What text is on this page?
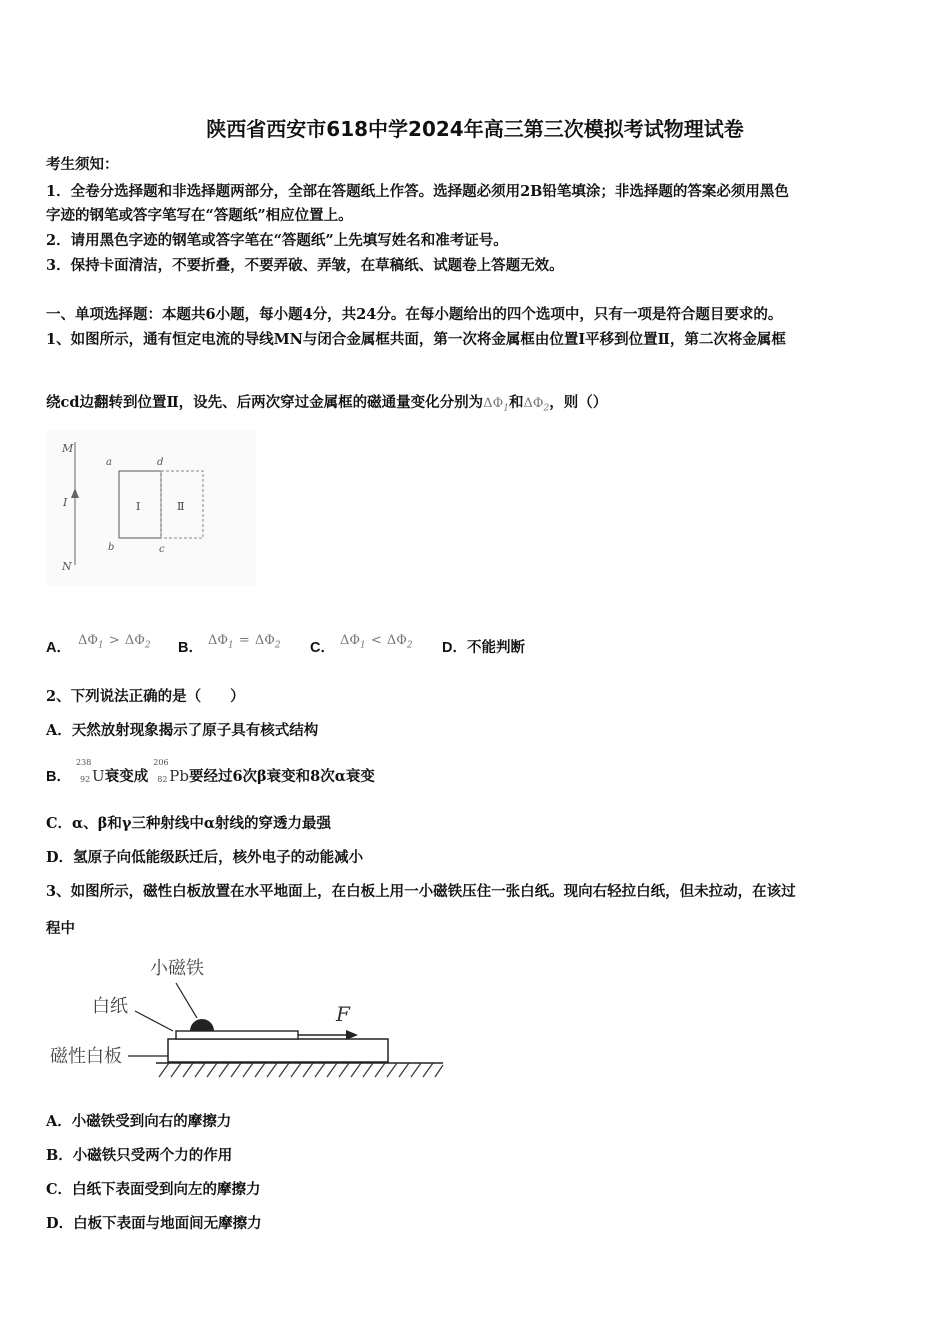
陕西省西安市618中学2024年高三第三次模拟考试物理试卷
考生须知：
1．全卷分选择题和非选择题两部分，全部在答题纸上作答。选择题必须用2B铅笔填涂；非选择题的答案必须用黑色
字迹的钢笔或答字笔写在“答题纸”相应位置上。
2．请用黑色字迹的钢笔或答字笔在“答题纸”上先填写姓名和准考证号。
3．保持卡面清洁，不要折叠，不要弄破、弄皱，在草稿纸、试题卷上答题无效。
一、单项选择题：本题共6小题，每小题4分，共24分。在每小题给出的四个选项中，只有一项是符合题目要求的。
1、如图所示，通有恒定电流的导线MN与闭合金属框共面，第一次将金属框由位置Ⅰ平移到位置Ⅱ，第二次将金属框
绕cd边翻转到位置Ⅱ，设先、后两次穿过金属框的磁通量变化分别为$\Delta\Phi_1$和$\Delta\Phi_2$，则（）
M
I
N
a	d
b	c
Ⅰ	Ⅱ
A． $\Delta\Phi_1 > \Delta\Phi_2$ B． $\Delta\Phi_1 = \Delta\Phi_2$ C． $\Delta\Phi_1 < \Delta\Phi_2$ D．不能判断
2、下列说法正确的是（　　）
A．天然放射现象揭示了原子具有核式结构
B．
238
92 U衰变成
206
82 Pb要经过6次β衰变和8次α衰变
C．α、β和γ三种射线中α射线的穿透力最强
D．氢原子向低能级跃迁后，核外电子的动能减小
3、如图所示，磁性白板放置在水平地面上，在白板上用一小磁铁压住一张白纸。现向右轻拉白纸，但未拉动，在该过
程中
小磁铁
白纸
磁性白板
F
A．小磁铁受到向右的摩擦力
B．小磁铁只受两个力的作用
C．白纸下表面受到向左的摩擦力
D．白板下表面与地面间无摩擦力
